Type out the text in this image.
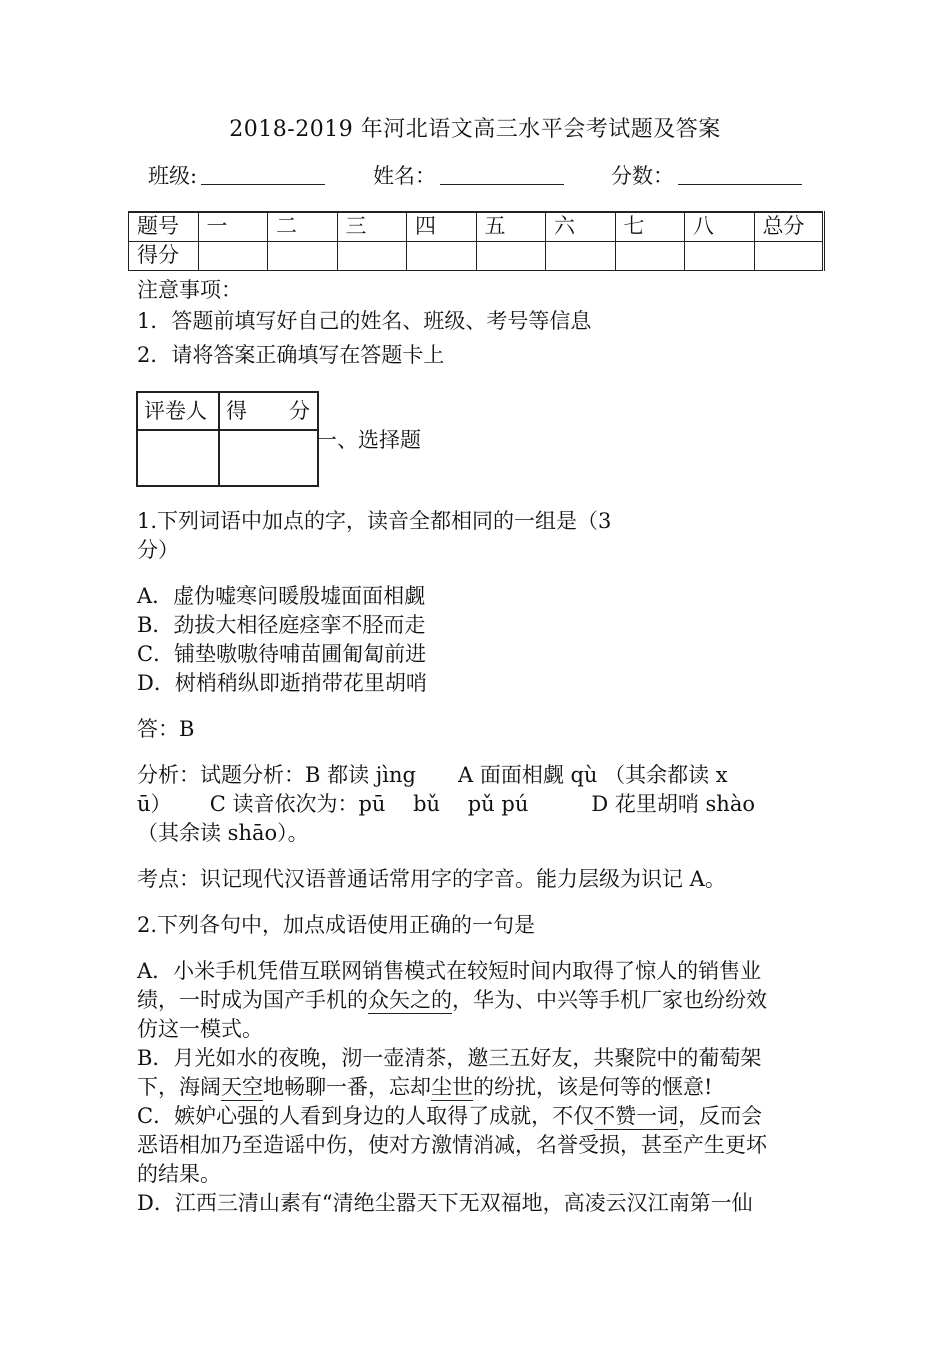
2018-2019 年河北语文高三水平会考试题及答案
班级:	姓名：	分数：
题号	一	二	三	四	五	六	七	八	总分
得分									
注意事项：
1．答题前填写好自己的姓名、班级、考号等信息
2．请将答案正确填写在答题卡上
评卷人	得　　分

一、选择题
1.下列词语中加点的字，读音全都相同的一组是（3
分）
A．虚伪嘘寒问暖殷墟面面相觑
B．劲拔大相径庭痉挛不胫而走
C．铺垫嗷嗷待哺苗圃匍匐前进
D．树梢稍纵即逝捎带花里胡哨
答：B
分析：试题分析：B 都读 jìng　　A 面面相觑 qù （其余都读 x
ū）　　 C 读音依次为：pū　 bǔ　 pǔ pú　　　D 花里胡哨 shào
（其余读 shāo）。
考点：识记现代汉语普通话常用字的字音。能力层级为识记 A。
2.下列各句中，加点成语使用正确的一句是
A．小米手机凭借互联网销售模式在较短时间内取得了惊人的销售业
绩，一时成为国产手机的众矢之的，华为、中兴等手机厂家也纷纷效
仿这一模式。
B．月光如水的夜晚，沏一壶清茶，邀三五好友，共聚院中的葡萄架
下，海阔天空地畅聊一番，忘却尘世的纷扰，该是何等的惬意!
C．嫉妒心强的人看到身边的人取得了成就，不仅不赞一词，反而会
恶语相加乃至造谣中伤，使对方激情消减，名誉受损，甚至产生更坏
的结果。
D．江西三清山素有“清绝尘嚣天下无双福地，高凌云汉江南第一仙
